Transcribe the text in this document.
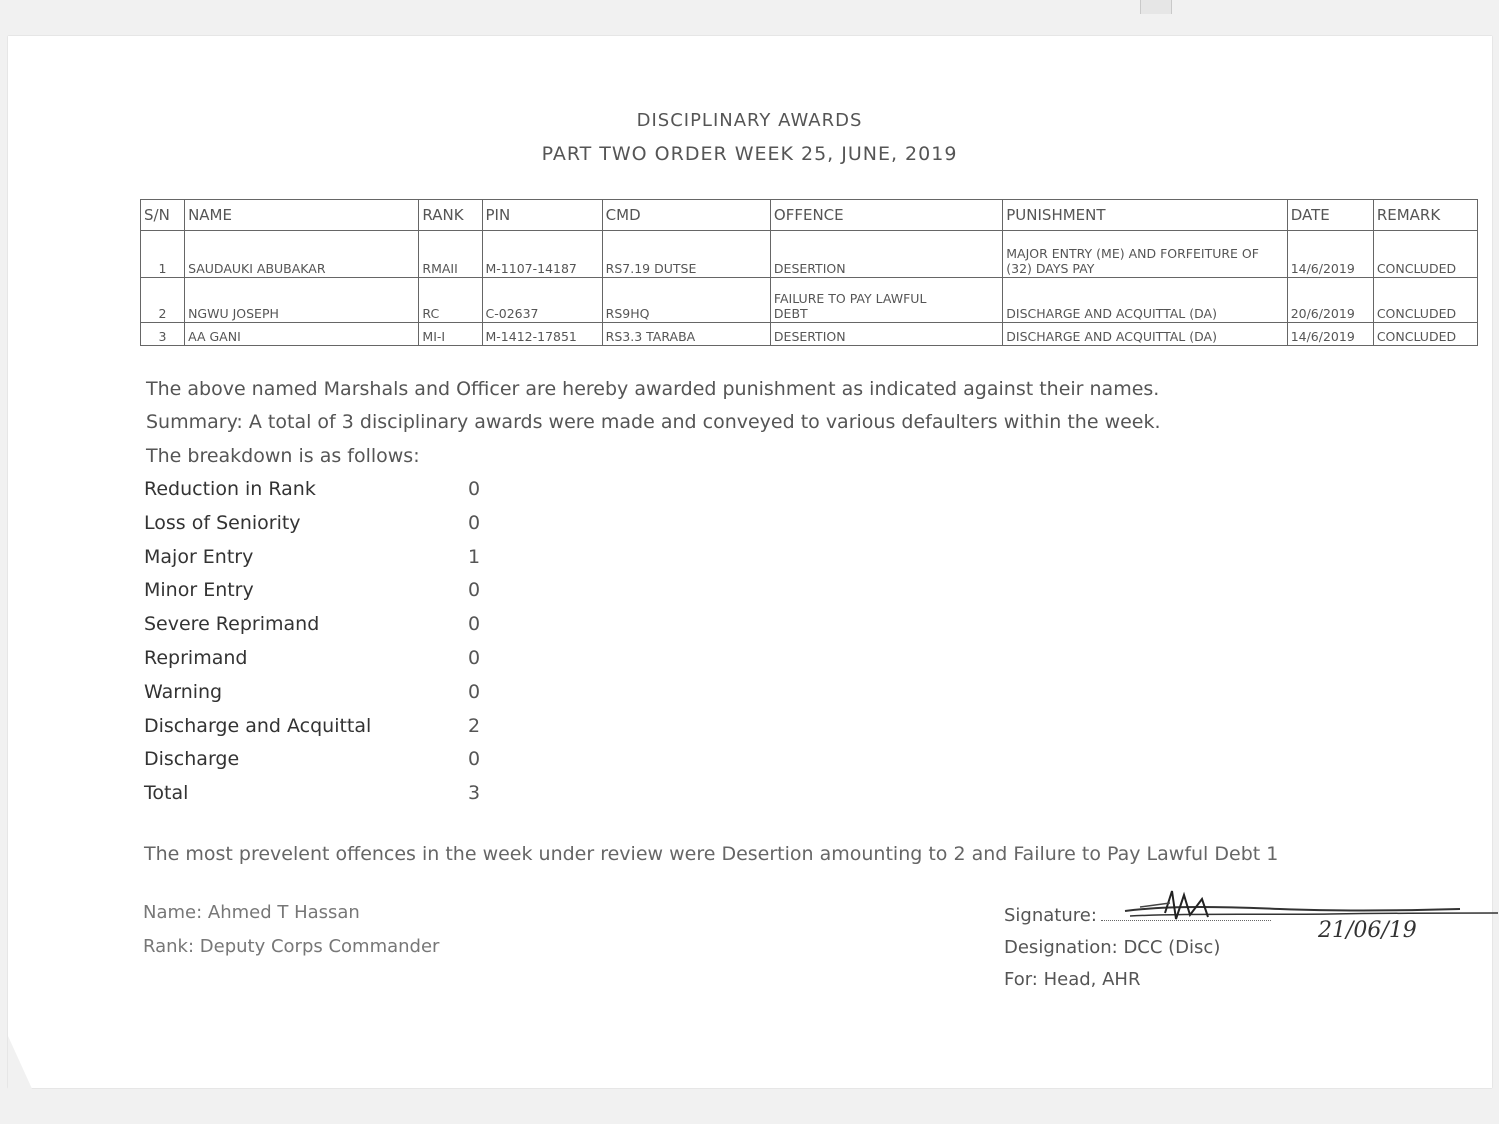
DISCIPLINARY AWARDS
PART TWO ORDER WEEK 25, JUNE, 2019
S/N	NAME	RANK	PIN	CMD	OFFENCE	PUNISHMENT	DATE	REMARK
1	SAUDAUKI ABUBAKAR	RMAII	M-1107-14187	RS7.19 DUTSE	DESERTION	MAJOR ENTRY (ME) AND FORFEITURE OF (32) DAYS PAY	14/6/2019	CONCLUDED
2	NGWU JOSEPH	RC	C-02637	RS9HQ	FAILURE TO PAY LAWFUL
DEBT	DISCHARGE AND ACQUITTAL (DA)	20/6/2019	CONCLUDED
3	AA GANI	MI-I	M-1412-17851	RS3.3 TARABA	DESERTION	DISCHARGE AND ACQUITTAL (DA)	14/6/2019	CONCLUDED
The above named Marshals and Officer are hereby awarded punishment as indicated against their names.
Summary: A total of 3 disciplinary awards were made and conveyed to various defaulters within the week.
The breakdown is as follows:
Reduction in Rank	0
Loss of Seniority	0
Major Entry	1
Minor Entry	0
Severe Reprimand	0
Reprimand	0
Warning	0
Discharge and Acquittal	2
Discharge	0
Total	3
The most prevelent offences in the week under review were Desertion amounting to 2 and Failure to Pay Lawful Debt 1
Name: Ahmed T Hassan
Rank: Deputy Corps Commander
Signature:
Designation: DCC (Disc)
For: Head, AHR
21/06/19
